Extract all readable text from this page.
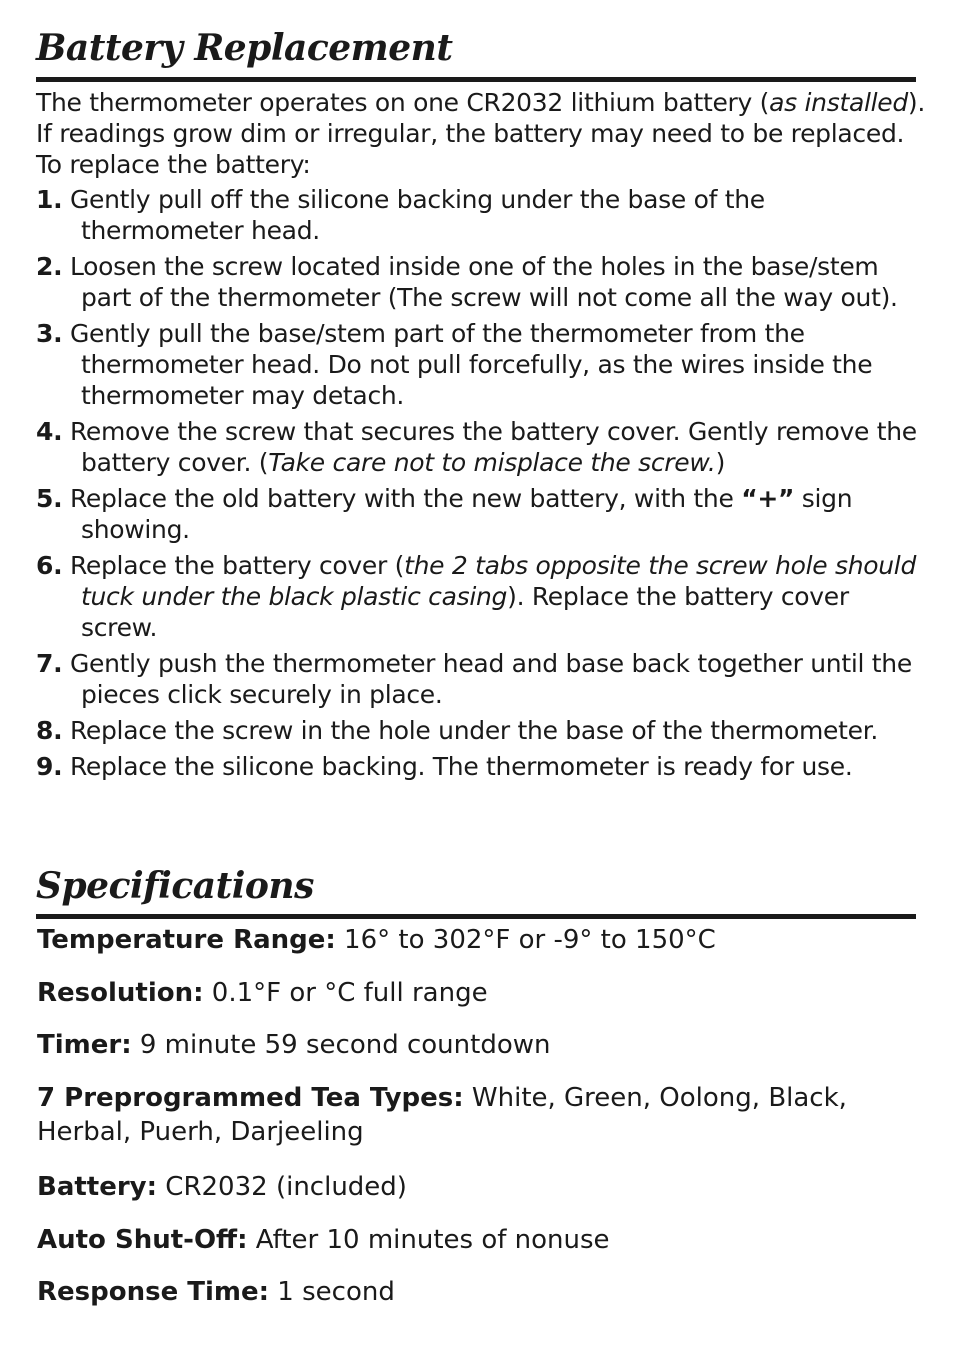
Battery Replacement

The thermometer operates on one CR2032 lithium battery (as installed). If readings grow dim or irregular, the battery may need to be replaced. To replace the battery:

1. Gently pull off the silicone backing under the base of the thermometer head.
2. Loosen the screw located inside one of the holes in the base/stem part of the thermometer (The screw will not come all the way out).
3. Gently pull the base/stem part of the thermometer from the thermometer head. Do not pull forcefully, as the wires inside the thermometer may detach.
4. Remove the screw that secures the battery cover. Gently remove the battery cover. (Take care not to misplace the screw.)
5. Replace the old battery with the new battery, with the “+” sign showing.
6. Replace the battery cover (the 2 tabs opposite the screw hole should tuck under the black plastic casing). Replace the battery cover screw.
7. Gently push the thermometer head and base back together until the pieces click securely in place.
8. Replace the screw in the hole under the base of the thermometer.
9. Replace the silicone backing. The thermometer is ready for use.
Specifications
Temperature Range: 16° to 302°F or -9° to 150°C
Resolution: 0.1°F or °C full range
Timer: 9 minute 59 second countdown
7 Preprogrammed Tea Types: White, Green, Oolong, Black, Herbal, Puerh, Darjeeling
Battery: CR2032 (included)
Auto Shut-Off: After 10 minutes of nonuse
Response Time: 1 second
